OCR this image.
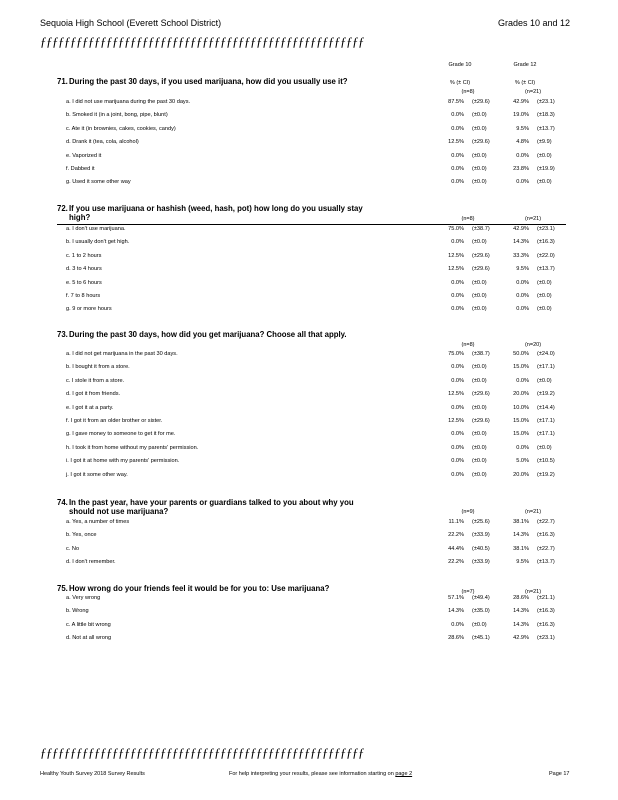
Sequoia High School (Everett School District)	Grades 10 and 12
ƒƒƒƒƒƒƒƒƒƒƒƒƒƒƒƒƒƒƒƒƒƒƒƒƒƒƒƒƒƒƒƒƒƒƒƒƒƒƒƒƒƒƒƒƒƒƒƒƒƒƒƒƒƒ
Grade 10	Grade 12
% (± CI)	% (± CI)
71. During the past 30 days, if you used marijuana, how did you usually use it?
(n=8)	(n=21)
a. I did not use marijuana during the past 30 days.	87.5% (±29.6)	42.9% (±23.1)
b. Smoked it (in a joint, bong, pipe, blunt)	0.0% (±0.0)	19.0% (±18.3)
c. Ate it (in brownies, cakes, cookies, candy)	0.0% (±0.0)	9.5% (±13.7)
d. Drank it (tea, cola, alcohol)	12.5% (±29.6)	4.8% (±9.9)
e. Vaporized it	0.0% (±0.0)	0.0% (±0.0)
f. Dabbed it	0.0% (±0.0)	23.8% (±19.9)
g. Used it some other way	0.0% (±0.0)	0.0% (±0.0)
72. If you use marijuana or hashish (weed, hash, pot) how long do you usually stay high?	(n=8)	(n=21)
a. I don't use marijuana.	75.0% (±38.7)	42.9% (±23.1)
b. I usually don't get high.	0.0% (±0.0)	14.3% (±16.3)
c. 1 to 2 hours	12.5% (±29.6)	33.3% (±22.0)
d. 3 to 4 hours	12.5% (±29.6)	9.5% (±13.7)
e. 5 to 6 hours	0.0% (±0.0)	0.0% (±0.0)
f. 7 to 8 hours	0.0% (±0.0)	0.0% (±0.0)
g. 9 or more hours	0.0% (±0.0)	0.0% (±0.0)
73. During the past 30 days, how did you get marijuana? Choose all that apply.
(n=8)	(n=20)
a. I did not get marijuana in the past 30 days.	75.0% (±38.7)	50.0% (±24.0)
b. I bought it from a store.	0.0% (±0.0)	15.0% (±17.1)
c. I stole it from a store.	0.0% (±0.0)	0.0% (±0.0)
d. I got it from friends.	12.5% (±29.6)	20.0% (±19.2)
e. I got it at a party.	0.0% (±0.0)	10.0% (±14.4)
f. I got it from an older brother or sister.	12.5% (±29.6)	15.0% (±17.1)
g. I gave money to someone to get it for me.	0.0% (±0.0)	15.0% (±17.1)
h. I took it from home without my parents' permission.	0.0% (±0.0)	0.0% (±0.0)
i. I got it at home with my parents' permission.	0.0% (±0.0)	5.0% (±10.5)
j. I got it some other way.	0.0% (±0.0)	20.0% (±19.2)
74. In the past year, have your parents or guardians talked to you about why you should not use marijuana?	(n=9)	(n=21)
a. Yes, a number of times	11.1% (±25.6)	38.1% (±22.7)
b. Yes, once	22.2% (±33.9)	14.3% (±16.3)
c. No	44.4% (±40.5)	38.1% (±22.7)
d. I don't remember.	22.2% (±33.9)	9.5% (±13.7)
75. How wrong do your friends feel it would be for you to: Use marijuana?	(n=7)	(n=21)
a. Very wrong	57.1% (±49.4)	28.6% (±21.1)
b. Wrong	14.3% (±35.0)	14.3% (±16.3)
c. A little bit wrong	0.0% (±0.0)	14.3% (±16.3)
d. Not at all wrong	28.6% (±45.1)	42.9% (±23.1)
ƒƒƒƒƒƒƒƒƒƒƒƒƒƒƒƒƒƒƒƒƒƒƒƒƒƒƒƒƒƒƒƒƒƒƒƒƒƒƒƒƒƒƒƒƒƒƒƒƒƒƒƒƒƒ
Healthy Youth Survey 2018 Survey Results	For help interpreting your results, please see information starting on page 2	Page 17
